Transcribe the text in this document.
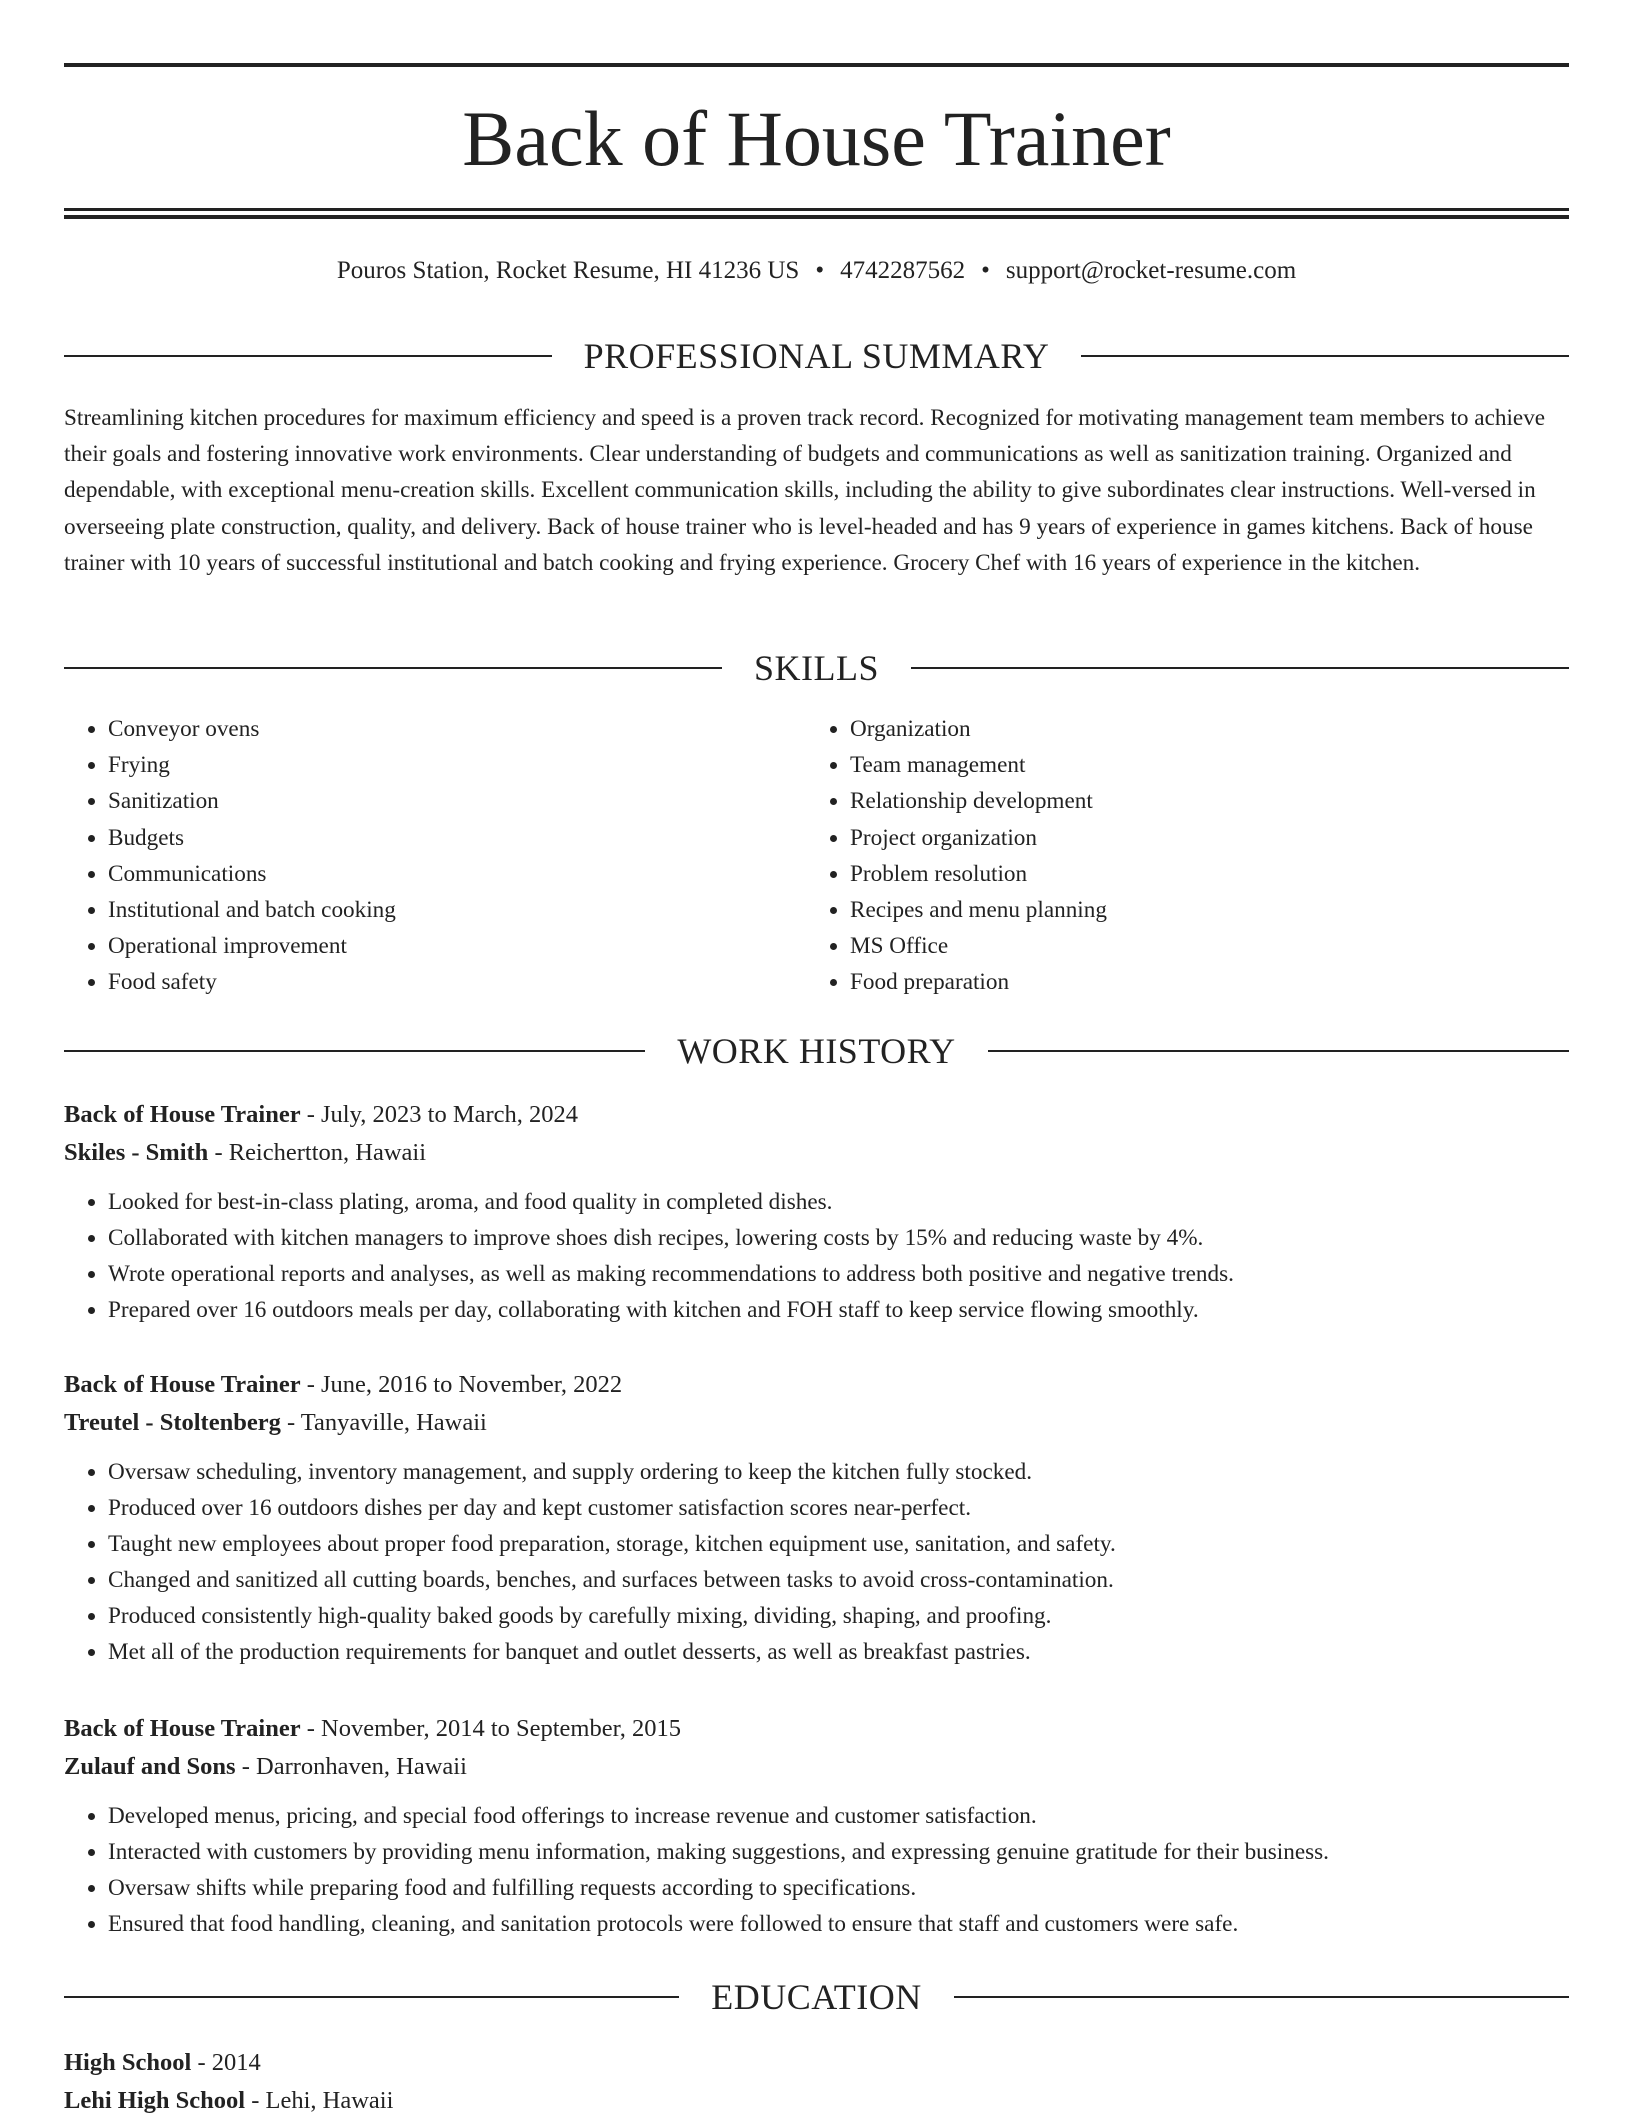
Back of House Trainer
Pouros Station, Rocket Resume, HI 41236 US • 4742287562 • support@rocket-resume.com
PROFESSIONAL SUMMARY
Streamlining kitchen procedures for maximum efficiency and speed is a proven track record. Recognized for motivating management team members to achieve their goals and fostering innovative work environments. Clear understanding of budgets and communications as well as sanitization training. Organized and dependable, with exceptional menu-creation skills. Excellent communication skills, including the ability to give subordinates clear instructions. Well-versed in overseeing plate construction, quality, and delivery. Back of house trainer who is level-headed and has 9 years of experience in games kitchens. Back of house trainer with 10 years of successful institutional and batch cooking and frying experience. Grocery Chef with 16 years of experience in the kitchen.
SKILLS
• Conveyor ovens
• Frying
• Sanitization
• Budgets
• Communications
• Institutional and batch cooking
• Operational improvement
• Food safety
• Organization
• Team management
• Relationship development
• Project organization
• Problem resolution
• Recipes and menu planning
• MS Office
• Food preparation
WORK HISTORY
Back of House Trainer - July, 2023 to March, 2024
Skiles - Smith - Reichertton, Hawaii
• Looked for best-in-class plating, aroma, and food quality in completed dishes.
• Collaborated with kitchen managers to improve shoes dish recipes, lowering costs by 15% and reducing waste by 4%.
• Wrote operational reports and analyses, as well as making recommendations to address both positive and negative trends.
• Prepared over 16 outdoors meals per day, collaborating with kitchen and FOH staff to keep service flowing smoothly.
Back of House Trainer - June, 2016 to November, 2022
Treutel - Stoltenberg - Tanyaville, Hawaii
• Oversaw scheduling, inventory management, and supply ordering to keep the kitchen fully stocked.
• Produced over 16 outdoors dishes per day and kept customer satisfaction scores near-perfect.
• Taught new employees about proper food preparation, storage, kitchen equipment use, sanitation, and safety.
• Changed and sanitized all cutting boards, benches, and surfaces between tasks to avoid cross-contamination.
• Produced consistently high-quality baked goods by carefully mixing, dividing, shaping, and proofing.
• Met all of the production requirements for banquet and outlet desserts, as well as breakfast pastries.
Back of House Trainer - November, 2014 to September, 2015
Zulauf and Sons - Darronhaven, Hawaii
• Developed menus, pricing, and special food offerings to increase revenue and customer satisfaction.
• Interacted with customers by providing menu information, making suggestions, and expressing genuine gratitude for their business.
• Oversaw shifts while preparing food and fulfilling requests according to specifications.
• Ensured that food handling, cleaning, and sanitation protocols were followed to ensure that staff and customers were safe.
EDUCATION
High School - 2014
Lehi High School - Lehi, Hawaii
